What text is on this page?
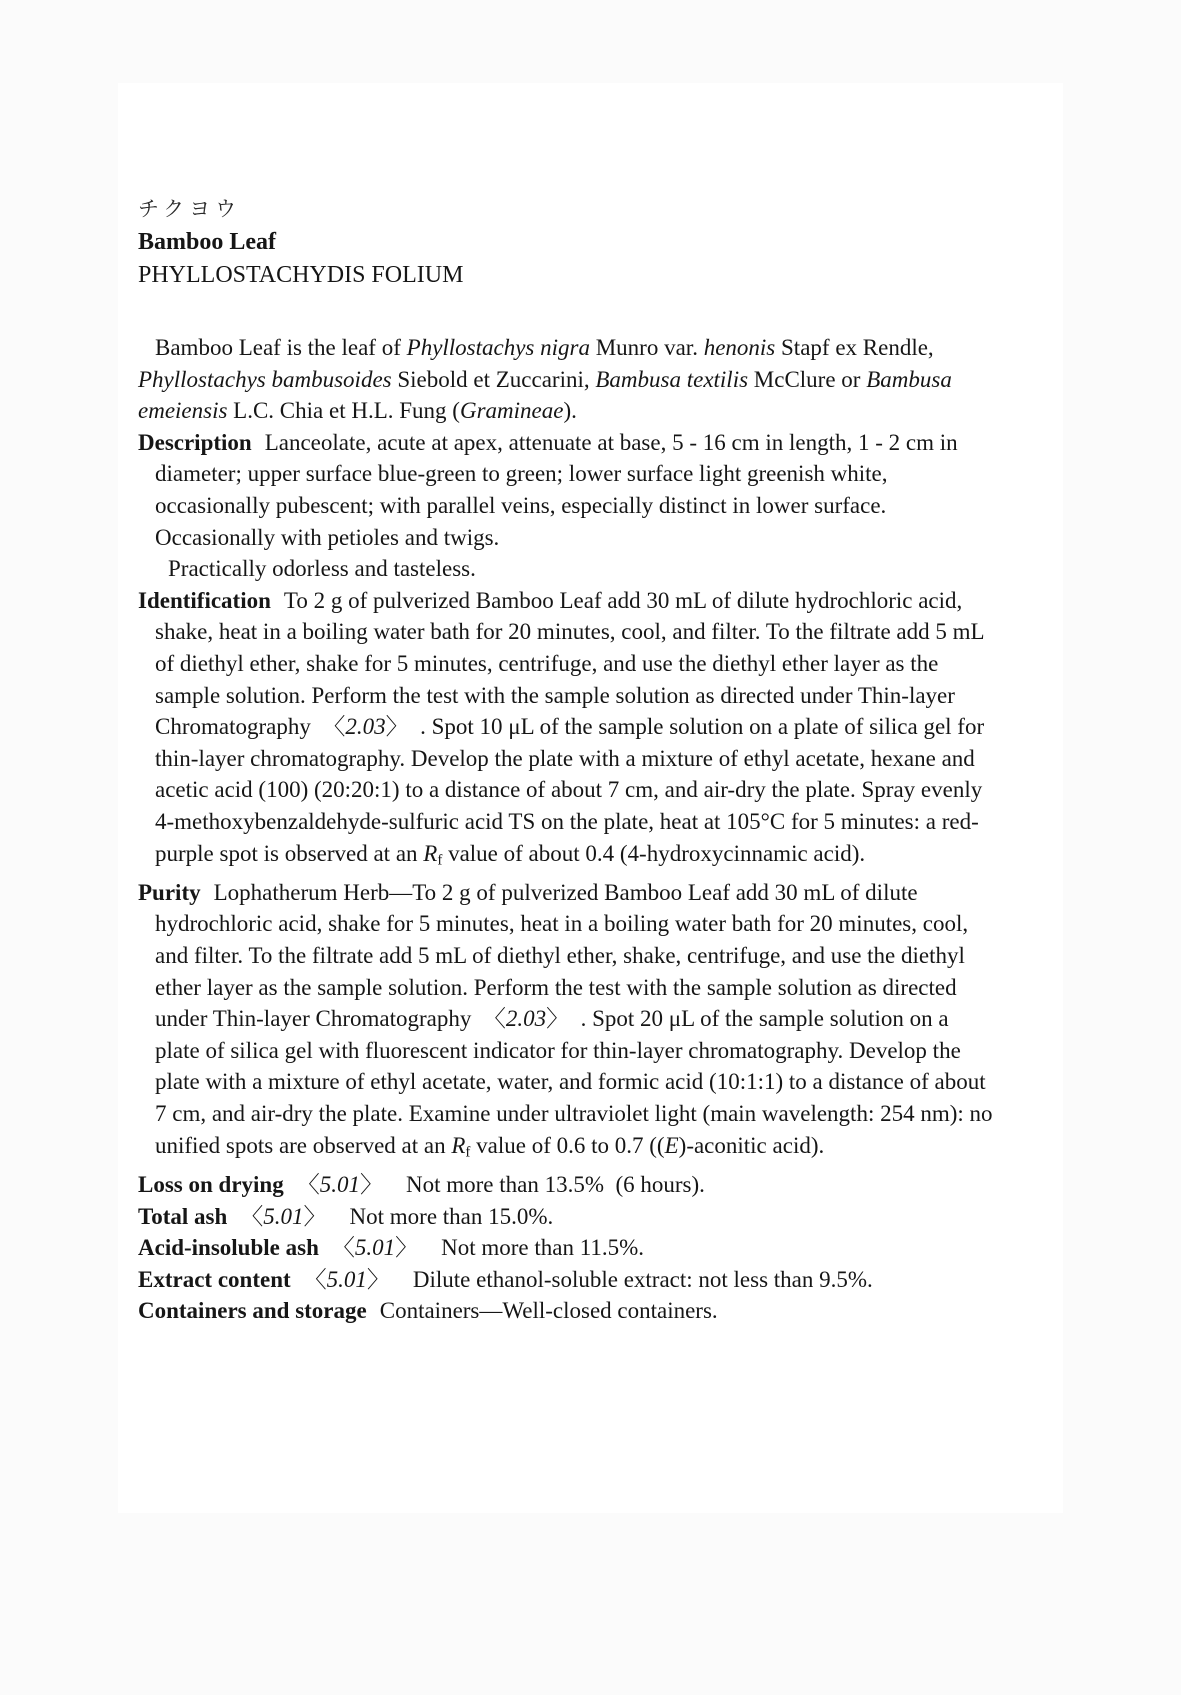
チクヨウ
Bamboo Leaf
PHYLLOSTACHYDIS FOLIUM

Bamboo Leaf is the leaf of Phyllostachys nigra Munro var. henonis Stapf ex Rendle, Phyllostachys bambusoides Siebold et Zuccarini, Bambusa textilis McClure or Bambusa emeiensis L.C. Chia et H.L. Fung (Gramineae).

Description Lanceolate, acute at apex, attenuate at base, 5 - 16 cm in length, 1 - 2 cm in diameter; upper surface blue-green to green; lower surface light greenish white, occasionally pubescent; with parallel veins, especially distinct in lower surface. Occasionally with petioles and twigs.

Practically odorless and tasteless.

Identification To 2 g of pulverized Bamboo Leaf add 30 mL of dilute hydrochloric acid, shake, heat in a boiling water bath for 20 minutes, cool, and filter. To the filtrate add 5 mL of diethyl ether, shake for 5 minutes, centrifuge, and use the diethyl ether layer as the sample solution. Perform the test with the sample solution as directed under Thin-layer Chromatography 〈2.03〉 . Spot 10 μL of the sample solution on a plate of silica gel for thin-layer chromatography. Develop the plate with a mixture of ethyl acetate, hexane and acetic acid (100) (20:20:1) to a distance of about 7 cm, and air-dry the plate. Spray evenly 4-methoxybenzaldehyde-sulfuric acid TS on the plate, heat at 105°C for 5 minutes: a red-purple spot is observed at an Rf value of about 0.4 (4-hydroxycinnamic acid).

Purity Lophatherum Herb—To 2 g of pulverized Bamboo Leaf add 30 mL of dilute hydrochloric acid, shake for 5 minutes, heat in a boiling water bath for 20 minutes, cool, and filter. To the filtrate add 5 mL of diethyl ether, shake, centrifuge, and use the diethyl ether layer as the sample solution. Perform the test with the sample solution as directed under Thin-layer Chromatography 〈2.03〉 . Spot 20 μL of the sample solution on a plate of silica gel with fluorescent indicator for thin-layer chromatography. Develop the plate with a mixture of ethyl acetate, water, and formic acid (10:1:1) to a distance of about 7 cm, and air-dry the plate. Examine under ultraviolet light (main wavelength: 254 nm): no unified spots are observed at an Rf value of 0.6 to 0.7 ((E)-aconitic acid).

Loss on drying 〈5.01〉  Not more than 13.5% (6 hours).

Total ash 〈5.01〉  Not more than 15.0%.

Acid-insoluble ash 〈5.01〉  Not more than 11.5%.

Extract content 〈5.01〉  Dilute ethanol-soluble extract: not less than 9.5%.

Containers and storage Containers—Well-closed containers.
